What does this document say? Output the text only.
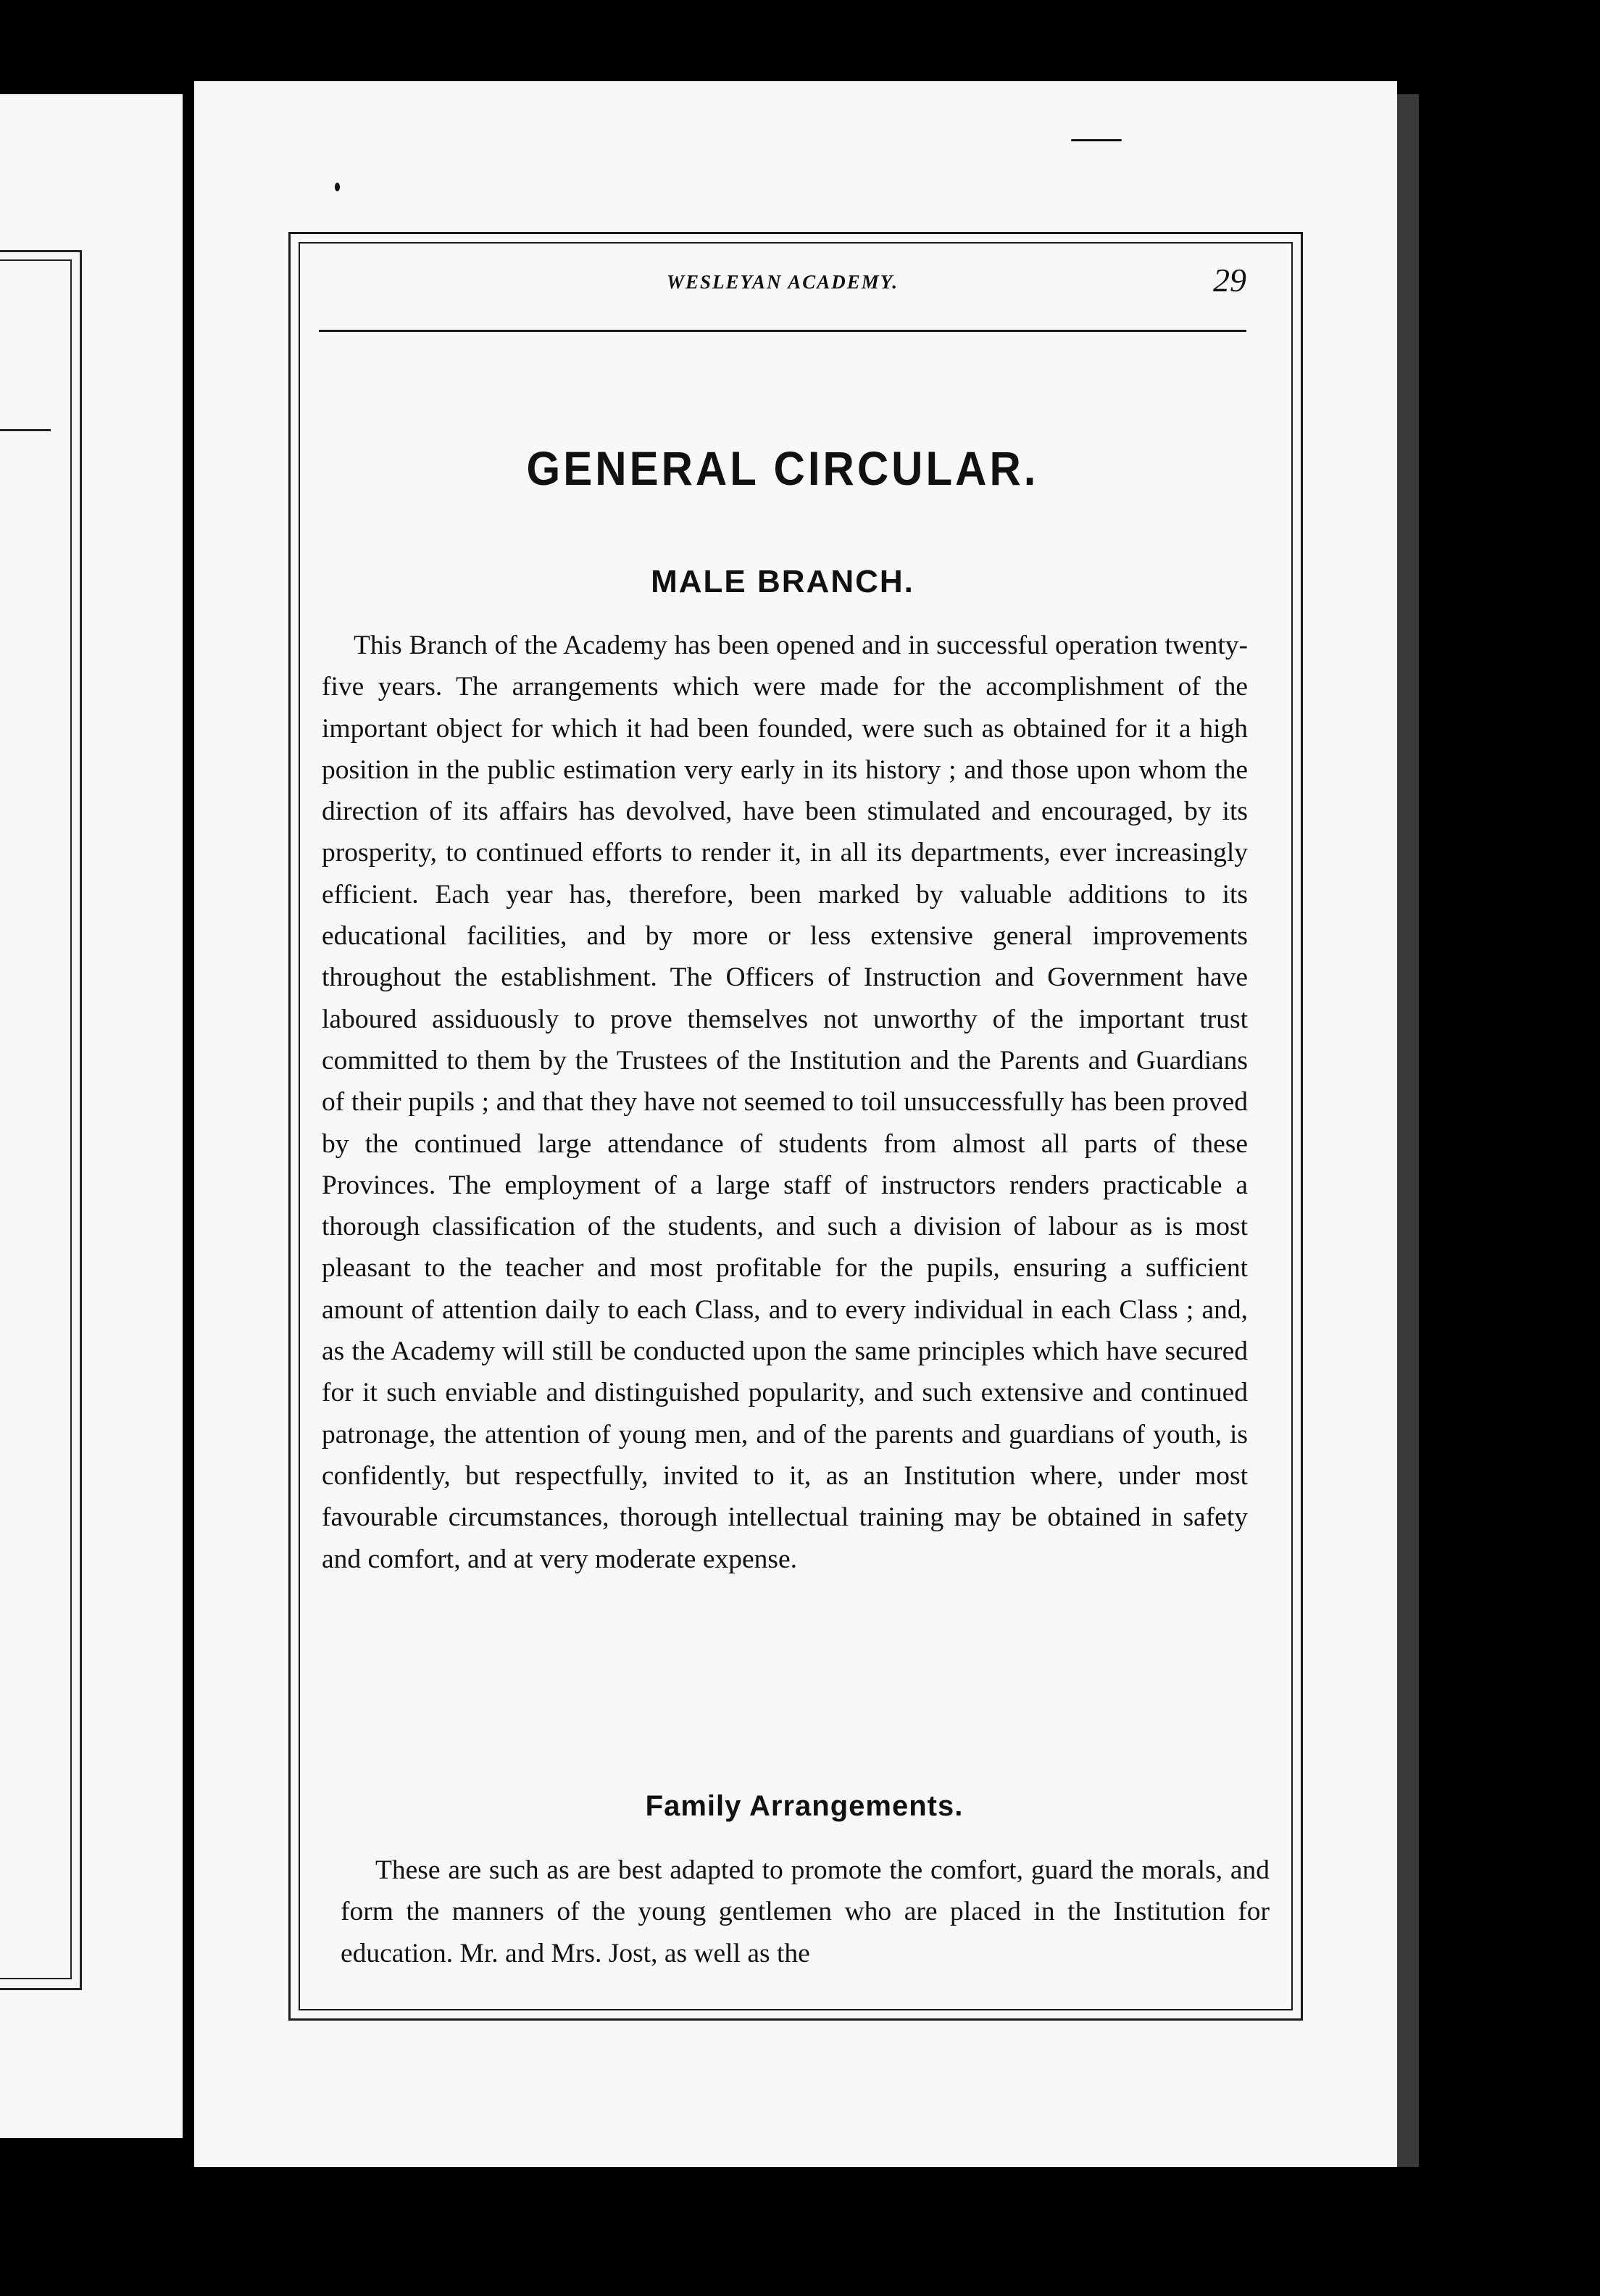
WESLEYAN ACADEMY.	29
GENERAL CIRCULAR.
MALE BRANCH.

This Branch of the Academy has been opened and in successful operation twenty-five years. The arrangements which were made for the accomplishment of the important object for which it had been founded, were such as obtained for it a high position in the public estimation very early in its history ; and those upon whom the direction of its affairs has devolved, have been stimulated and encouraged, by its prosperity, to continued efforts to render it, in all its departments, ever increasingly efficient. Each year has, therefore, been marked by valuable additions to its educational facilities, and by more or less extensive general improvements throughout the establishment. The Officers of Instruction and Government have laboured assiduously to prove themselves not unworthy of the important trust committed to them by the Trustees of the Institution and the Parents and Guardians of their pupils ; and that they have not seemed to toil unsuccessfully has been proved by the continued large attendance of students from almost all parts of these Provinces. The employment of a large staff of instructors renders practicable a thorough classification of the students, and such a division of labour as is most pleasant to the teacher and most profitable for the pupils, ensuring a sufficient amount of attention daily to each Class, and to every individual in each Class ; and, as the Academy will still be conducted upon the same principles which have secured for it such enviable and distinguished popularity, and such extensive and continued patronage, the attention of young men, and of the parents and guardians of youth, is confidently, but respectfully, invited to it, as an Institution where, under most favourable circumstances, thorough intellectual training may be obtained in safety and comfort, and at very moderate expense.

Family Arrangements.

These are such as are best adapted to promote the comfort, guard the morals, and form the manners of the young gentlemen who are placed in the Institution for education. Mr. and Mrs. Jost, as well as the
